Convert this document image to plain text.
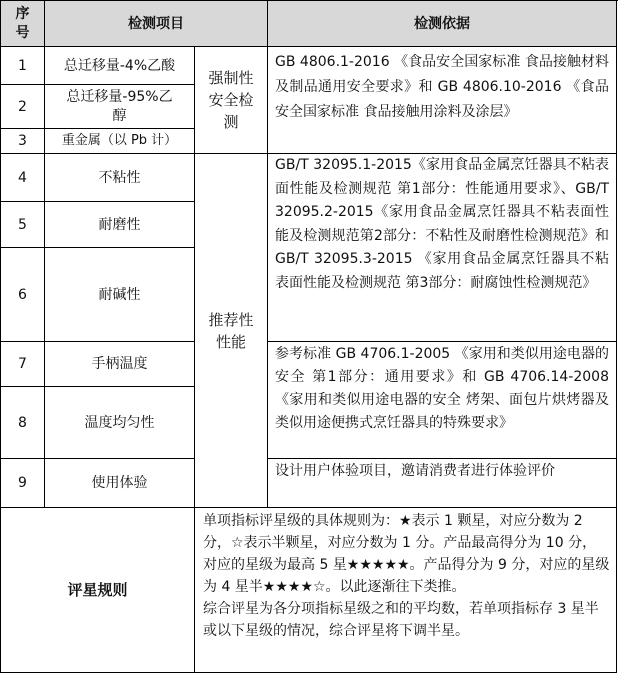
序
号
检测项目	检测依据
1
2
3
4
5
6
7
8
9
总迁移量-4%乙酸
总迁移量-95%乙
醇
重金属（以 Pb 计）
不粘性
耐磨性
耐碱性
手柄温度
温度均匀性
使用体验
强制性
安全检
测
推荐性
性能
GB 4806.1-2016 《食品安全国家标准 食品接触材料及制品通用安全要求》和 GB 4806.10-2016 《食品安全国家标准 食品接触用涂料及涂层》
GB/T 32095.1-2015《家用食品金属烹饪器具不粘表面性能及检测规范 第1部分：性能通用要求》、GB/T 32095.2-2015《家用食品金属烹饪器具不粘表面性能及检测规范第2部分：不粘性及耐磨性检测规范》和GB/T 32095.3-2015 《家用食品金属烹饪器具不粘表面性能及检测规范 第3部分：耐腐蚀性检测规范》
参考标准 GB 4706.1-2005 《家用和类似用途电器的安全 第1部分：通用要求》和 GB 4706.14-2008 《家用和类似用途电器的安全 烤架、面包片烘烤器及类似用途便携式烹饪器具的特殊要求》
设计用户体验项目，邀请消费者进行体验评价
评星规则
单项指标评星级的具体规则为：★表示 1 颗星，对应分数为 2 分，☆表示半颗星，对应分数为 1 分。产品最高得分为 10 分，对应的星级为最高 5 星★★★★★。产品得分为 9 分，对应的星级为 4 星半★★★★☆。以此逐渐往下类推。
综合评星为各分项指标星级之和的平均数，若单项指标存 3 星半或以下星级的情况，综合评星将下调半星。
